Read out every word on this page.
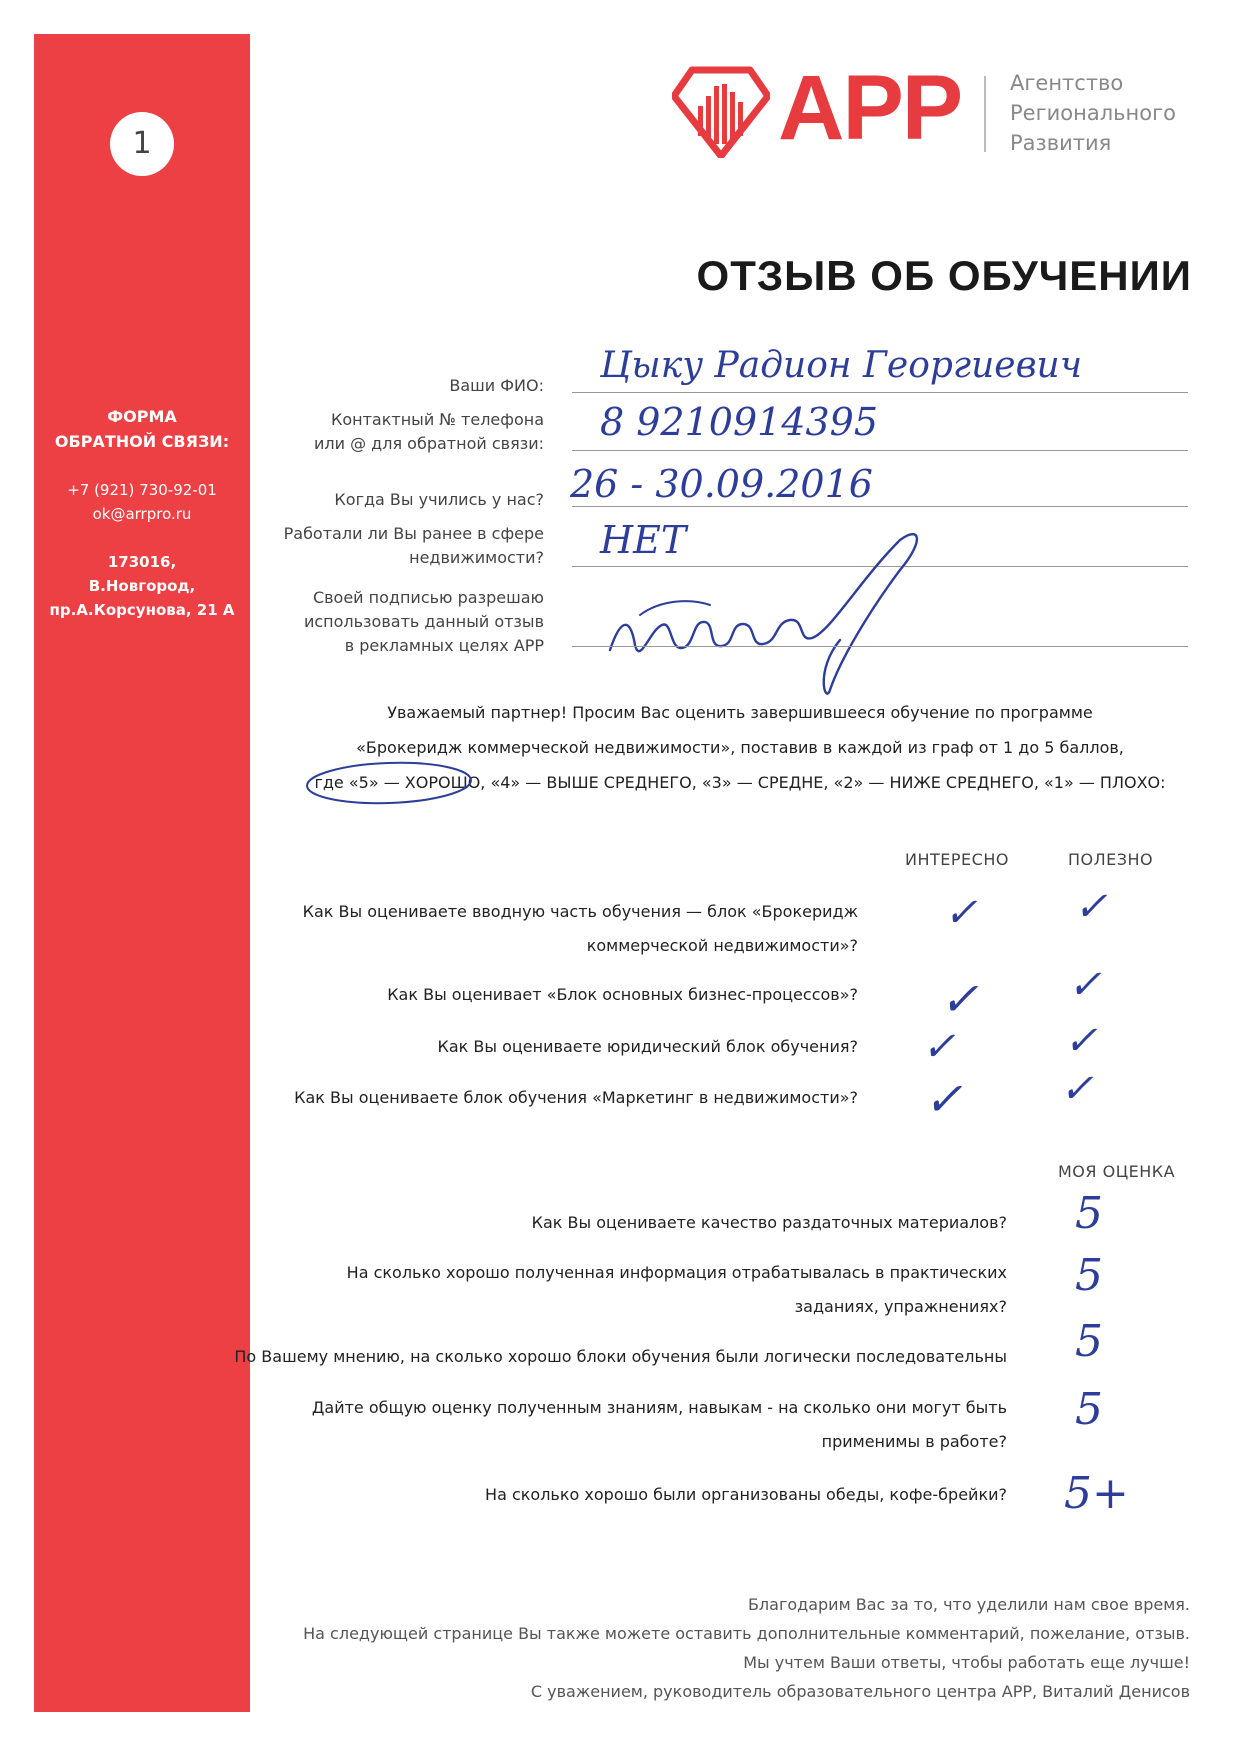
1
ФОРМА
ОБРАТНОЙ СВЯЗИ:
+7 (921) 730-92-01
ok@arrpro.ru
173016,
В.Новгород,
пр.А.Корсунова, 21 А
АРР Агентство
Регионального
Развития
ОТЗЫВ ОБ ОБУЧЕНИИ
Ваши ФИО: Цыку Радион Георгиевич
Контактный № телефона
или @ для обратной связи: 8 9210914395
Когда Вы учились у нас? 26 - 30.09.2016
Работали ли Вы ранее в сфере
недвижимости? НЕТ
Своей подписью разрешаю
использовать данный отзыв
в рекламных целях АРР
Уважаемый партнер! Просим Вас оценить завершившееся обучение по программе
«Брокеридж коммерческой недвижимости», поставив в каждой из граф от 1 до 5 баллов,
где «5» — ХОРОШО, «4» — ВЫШЕ СРЕДНЕГО, «3» — СРЕДНЕ, «2» — НИЖЕ СРЕДНЕГО, «1» — ПЛОХО:
ИНТЕРЕСНО	ПОЛЕЗНО
Как Вы оцениваете вводную часть обучения — блок «Брокеридж
коммерческой недвижимости»?
✓ ✓
Как Вы оценивает «Блок основных бизнес-процессов»? ✓ ✓
Как Вы оцениваете юридический блок обучения? ✓	✓
Как Вы оцениваете блок обучения «Маркетинг в недвижимости»? ✓ ✓
МОЯ ОЦЕНКА
Как Вы оцениваете качество раздаточных материалов? 5
На сколько хорошо полученная информация отрабатывалась в практических
заданиях, упражнениях?
5
По Вашему мнению, на сколько хорошо блоки обучения были логически последовательны 5
Дайте общую оценку полученным знаниям, навыкам - на сколько они могут быть
применимы в работе?
5
На сколько хорошо были организованы обеды, кофе-брейки? 5+
Благодарим Вас за то, что уделили нам свое время.
На следующей странице Вы также можете оставить дополнительные комментарий, пожелание, отзыв.
Мы учтем Ваши ответы, чтобы работать еще лучше!
С уважением, руководитель образовательного центра АРР, Виталий Денисов
